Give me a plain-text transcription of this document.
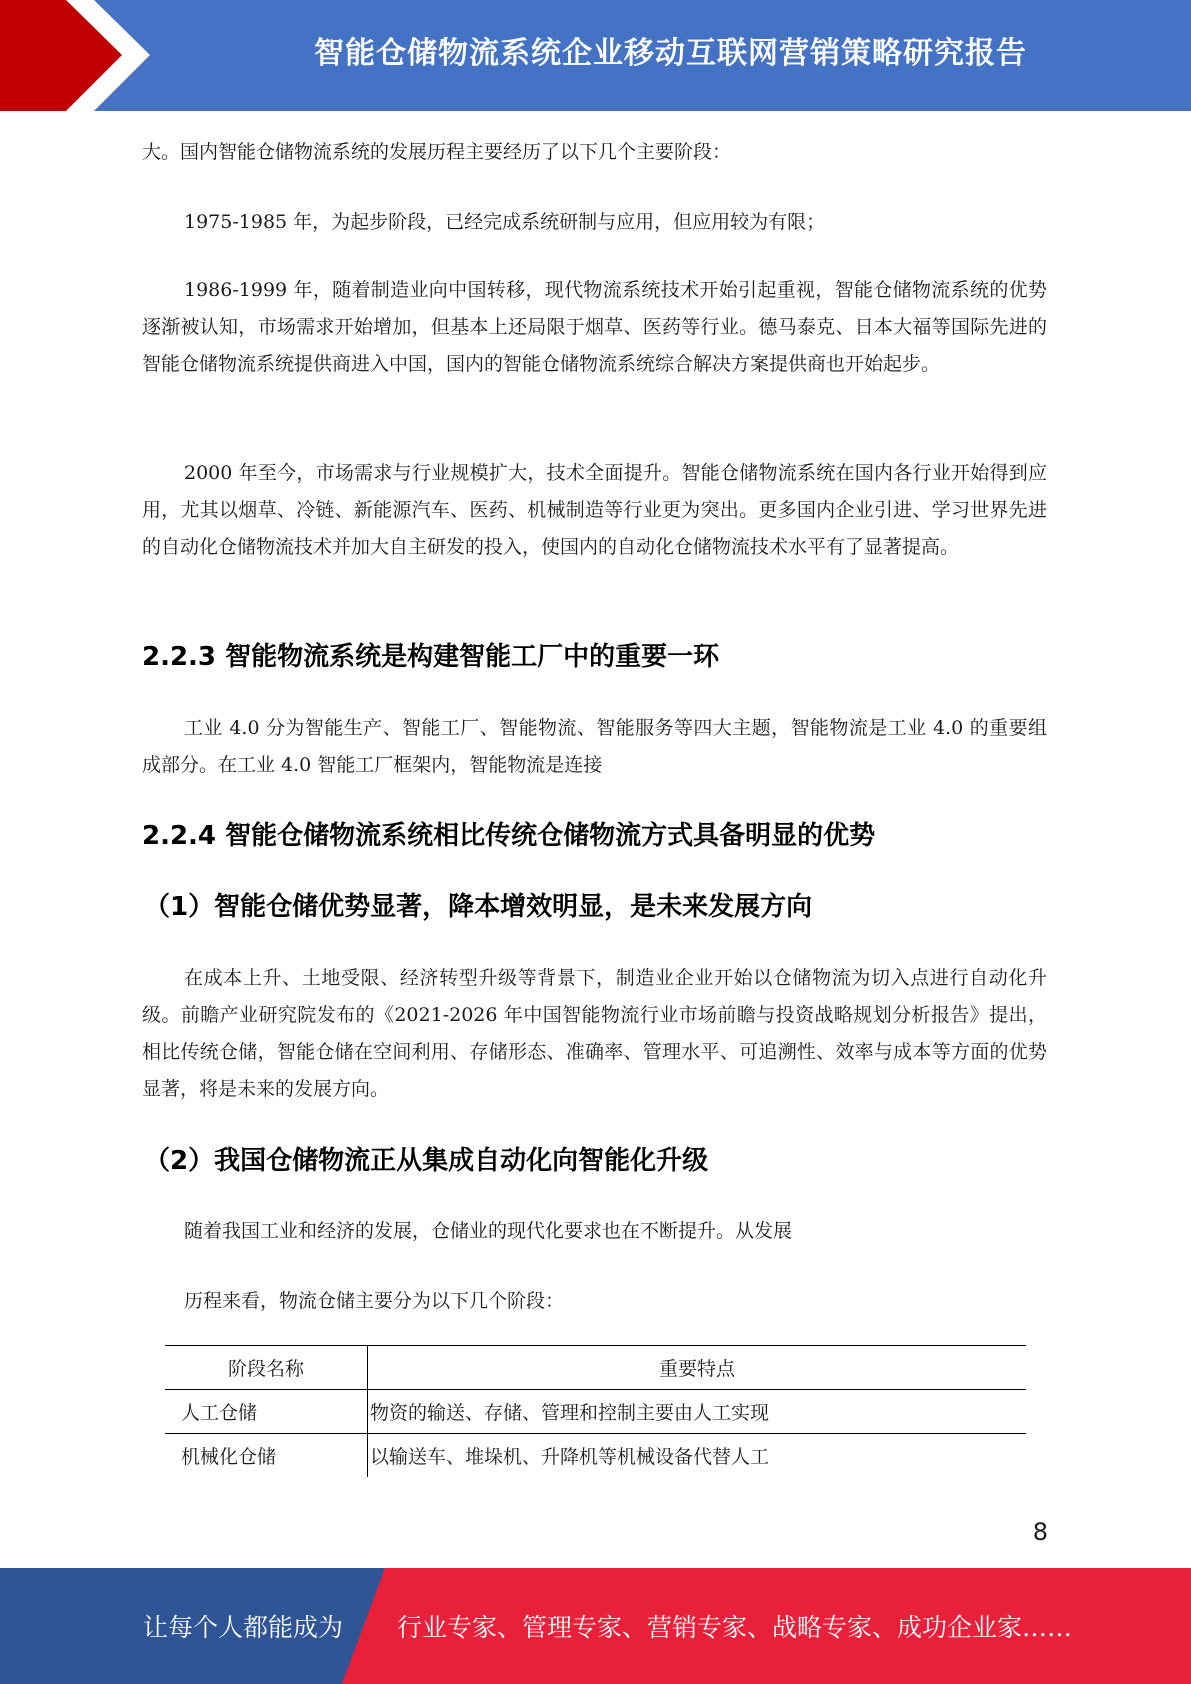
智能仓储物流系统企业移动互联网营销策略研究报告

大。国内智能仓储物流系统的发展历程主要经历了以下几个主要阶段：

1975-1985 年，为起步阶段，已经完成系统研制与应用，但应用较为有限；

1986-1999 年，随着制造业向中国转移，现代物流系统技术开始引起重视，智能仓储物流系统的优势逐渐被认知，市场需求开始增加，但基本上还局限于烟草、医药等行业。德马泰克、日本大福等国际先进的智能仓储物流系统提供商进入中国，国内的智能仓储物流系统综合解决方案提供商也开始起步。

2000 年至今，市场需求与行业规模扩大，技术全面提升。智能仓储物流系统在国内各行业开始得到应用，尤其以烟草、冷链、新能源汽车、医药、机械制造等行业更为突出。更多国内企业引进、学习世界先进的自动化仓储物流技术并加大自主研发的投入，使国内的自动化仓储物流技术水平有了显著提高。

2.2.3 智能物流系统是构建智能工厂中的重要一环

工业 4.0 分为智能生产、智能工厂、智能物流、智能服务等四大主题，智能物流是工业 4.0 的重要组成部分。在工业 4.0 智能工厂框架内，智能物流是连接

2.2.4 智能仓储物流系统相比传统仓储物流方式具备明显的优势
（1）智能仓储优势显著，降本增效明显，是未来发展方向

在成本上升、土地受限、经济转型升级等背景下，制造业企业开始以仓储物流为切入点进行自动化升级。前瞻产业研究院发布的《2021-2026 年中国智能物流行业市场前瞻与投资战略规划分析报告》提出，相比传统仓储，智能仓储在空间利用、存储形态、准确率、管理水平、可追溯性、效率与成本等方面的优势显著，将是未来的发展方向。

（2）我国仓储物流正从集成自动化向智能化升级

随着我国工业和经济的发展，仓储业的现代化要求也在不断提升。从发展

历程来看，物流仓储主要分为以下几个阶段：

阶段名称	重要特点
人工仓储	物资的输送、存储、管理和控制主要由人工实现
机械化仓储	以输送车、堆垛机、升降机等机械设备代替人工
8
让每个人都能成为 行业专家、管理专家、营销专家、战略专家、成功企业家……
